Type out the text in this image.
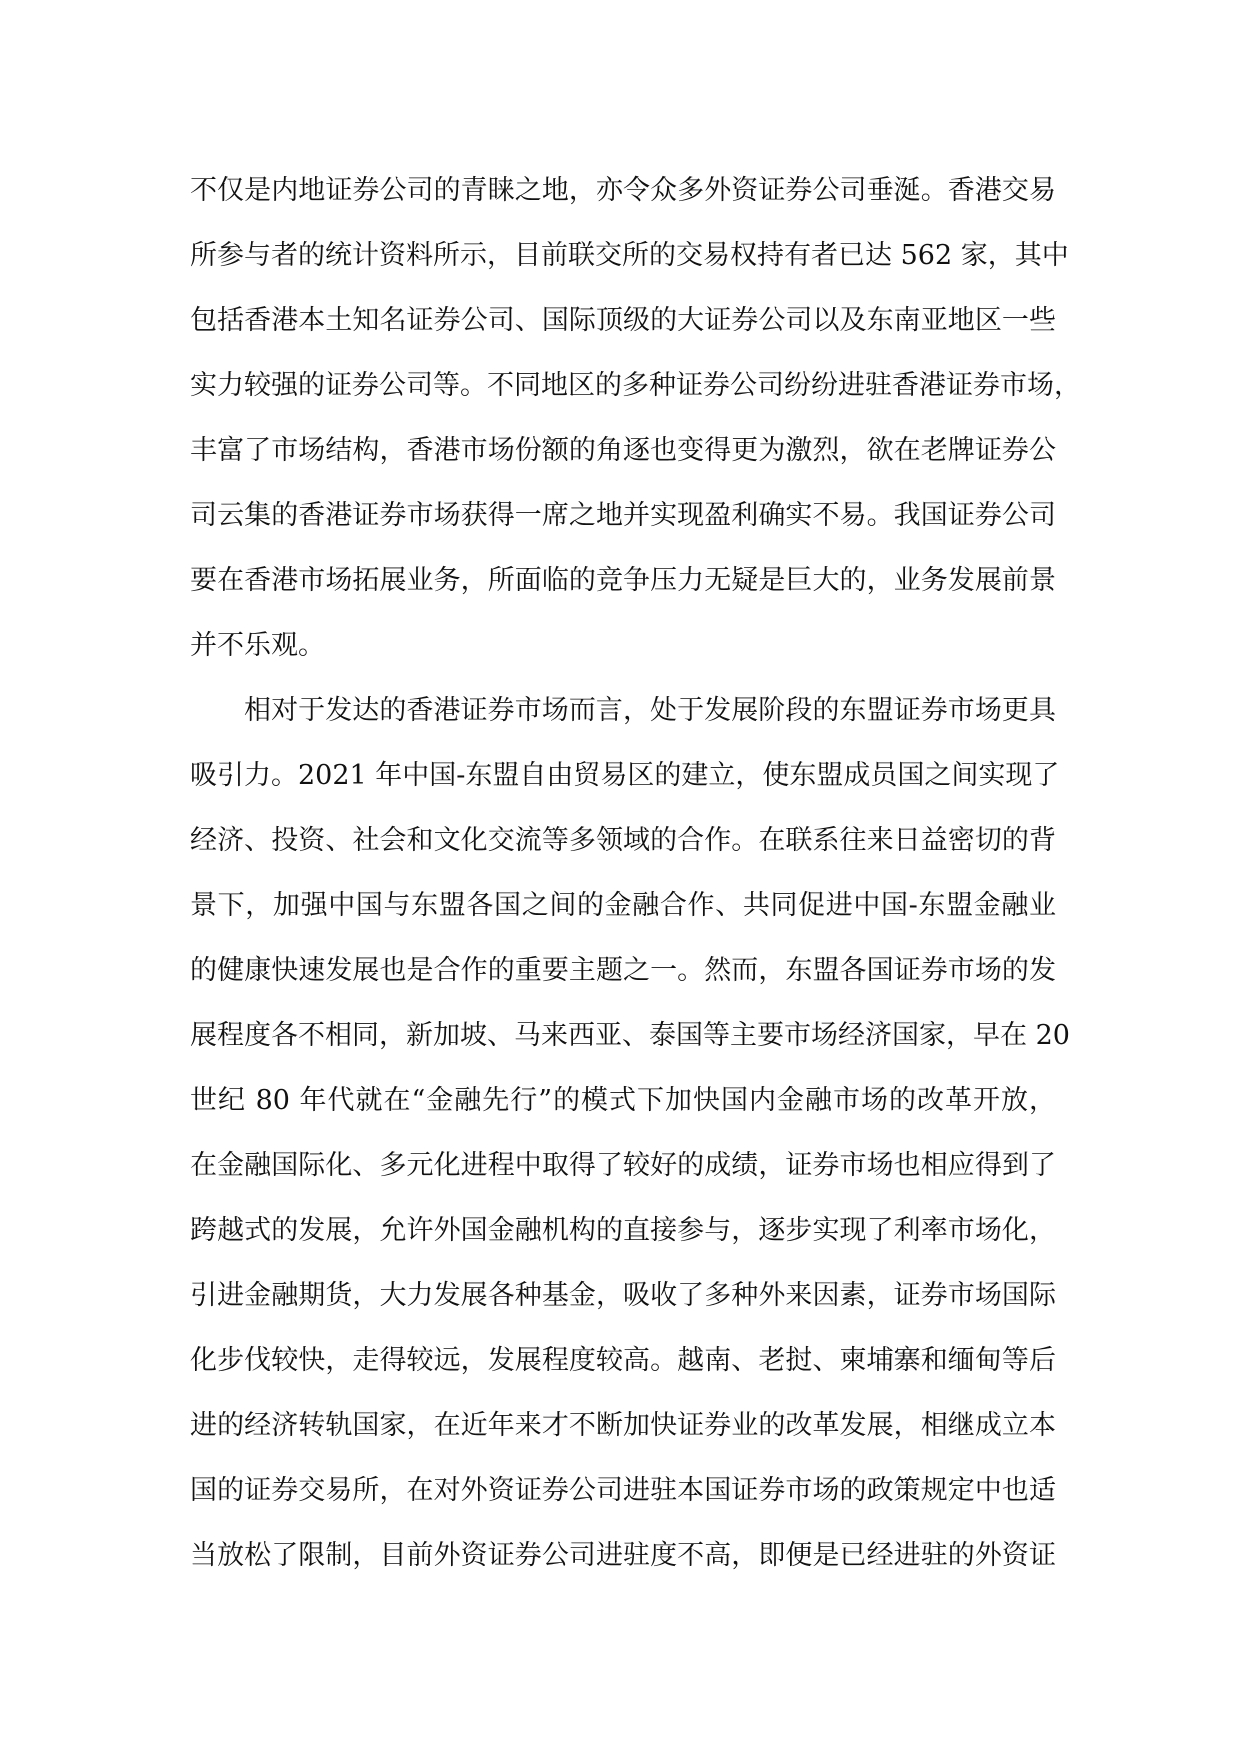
不仅是内地证券公司的青睐之地，亦令众多外资证券公司垂涎。香港交易
所参与者的统计资料所示，目前联交所的交易权持有者已达 562 家，其中
包括香港本土知名证券公司、国际顶级的大证券公司以及东南亚地区一些
实力较强的证券公司等。不同地区的多种证券公司纷纷进驻香港证券市场，
丰富了市场结构，香港市场份额的角逐也变得更为激烈，欲在老牌证券公
司云集的香港证券市场获得一席之地并实现盈利确实不易。我国证券公司
要在香港市场拓展业务，所面临的竞争压力无疑是巨大的，业务发展前景
并不乐观。
相对于发达的香港证券市场而言，处于发展阶段的东盟证券市场更具
吸引力。2021 年中国-东盟自由贸易区的建立，使东盟成员国之间实现了
经济、投资、社会和文化交流等多领域的合作。在联系往来日益密切的背
景下，加强中国与东盟各国之间的金融合作、共同促进中国-东盟金融业
的健康快速发展也是合作的重要主题之一。然而，东盟各国证券市场的发
展程度各不相同，新加坡、马来西亚、泰国等主要市场经济国家，早在 20
世纪 80 年代就在“金融先行”的模式下加快国内金融市场的改革开放，
在金融国际化、多元化进程中取得了较好的成绩，证券市场也相应得到了
跨越式的发展，允许外国金融机构的直接参与，逐步实现了利率市场化，
引进金融期货，大力发展各种基金，吸收了多种外来因素，证券市场国际
化步伐较快，走得较远，发展程度较高。越南、老挝、柬埔寨和缅甸等后
进的经济转轨国家，在近年来才不断加快证券业的改革发展，相继成立本
国的证券交易所，在对外资证券公司进驻本国证券市场的政策规定中也适
当放松了限制，目前外资证券公司进驻度不高，即便是已经进驻的外资证
